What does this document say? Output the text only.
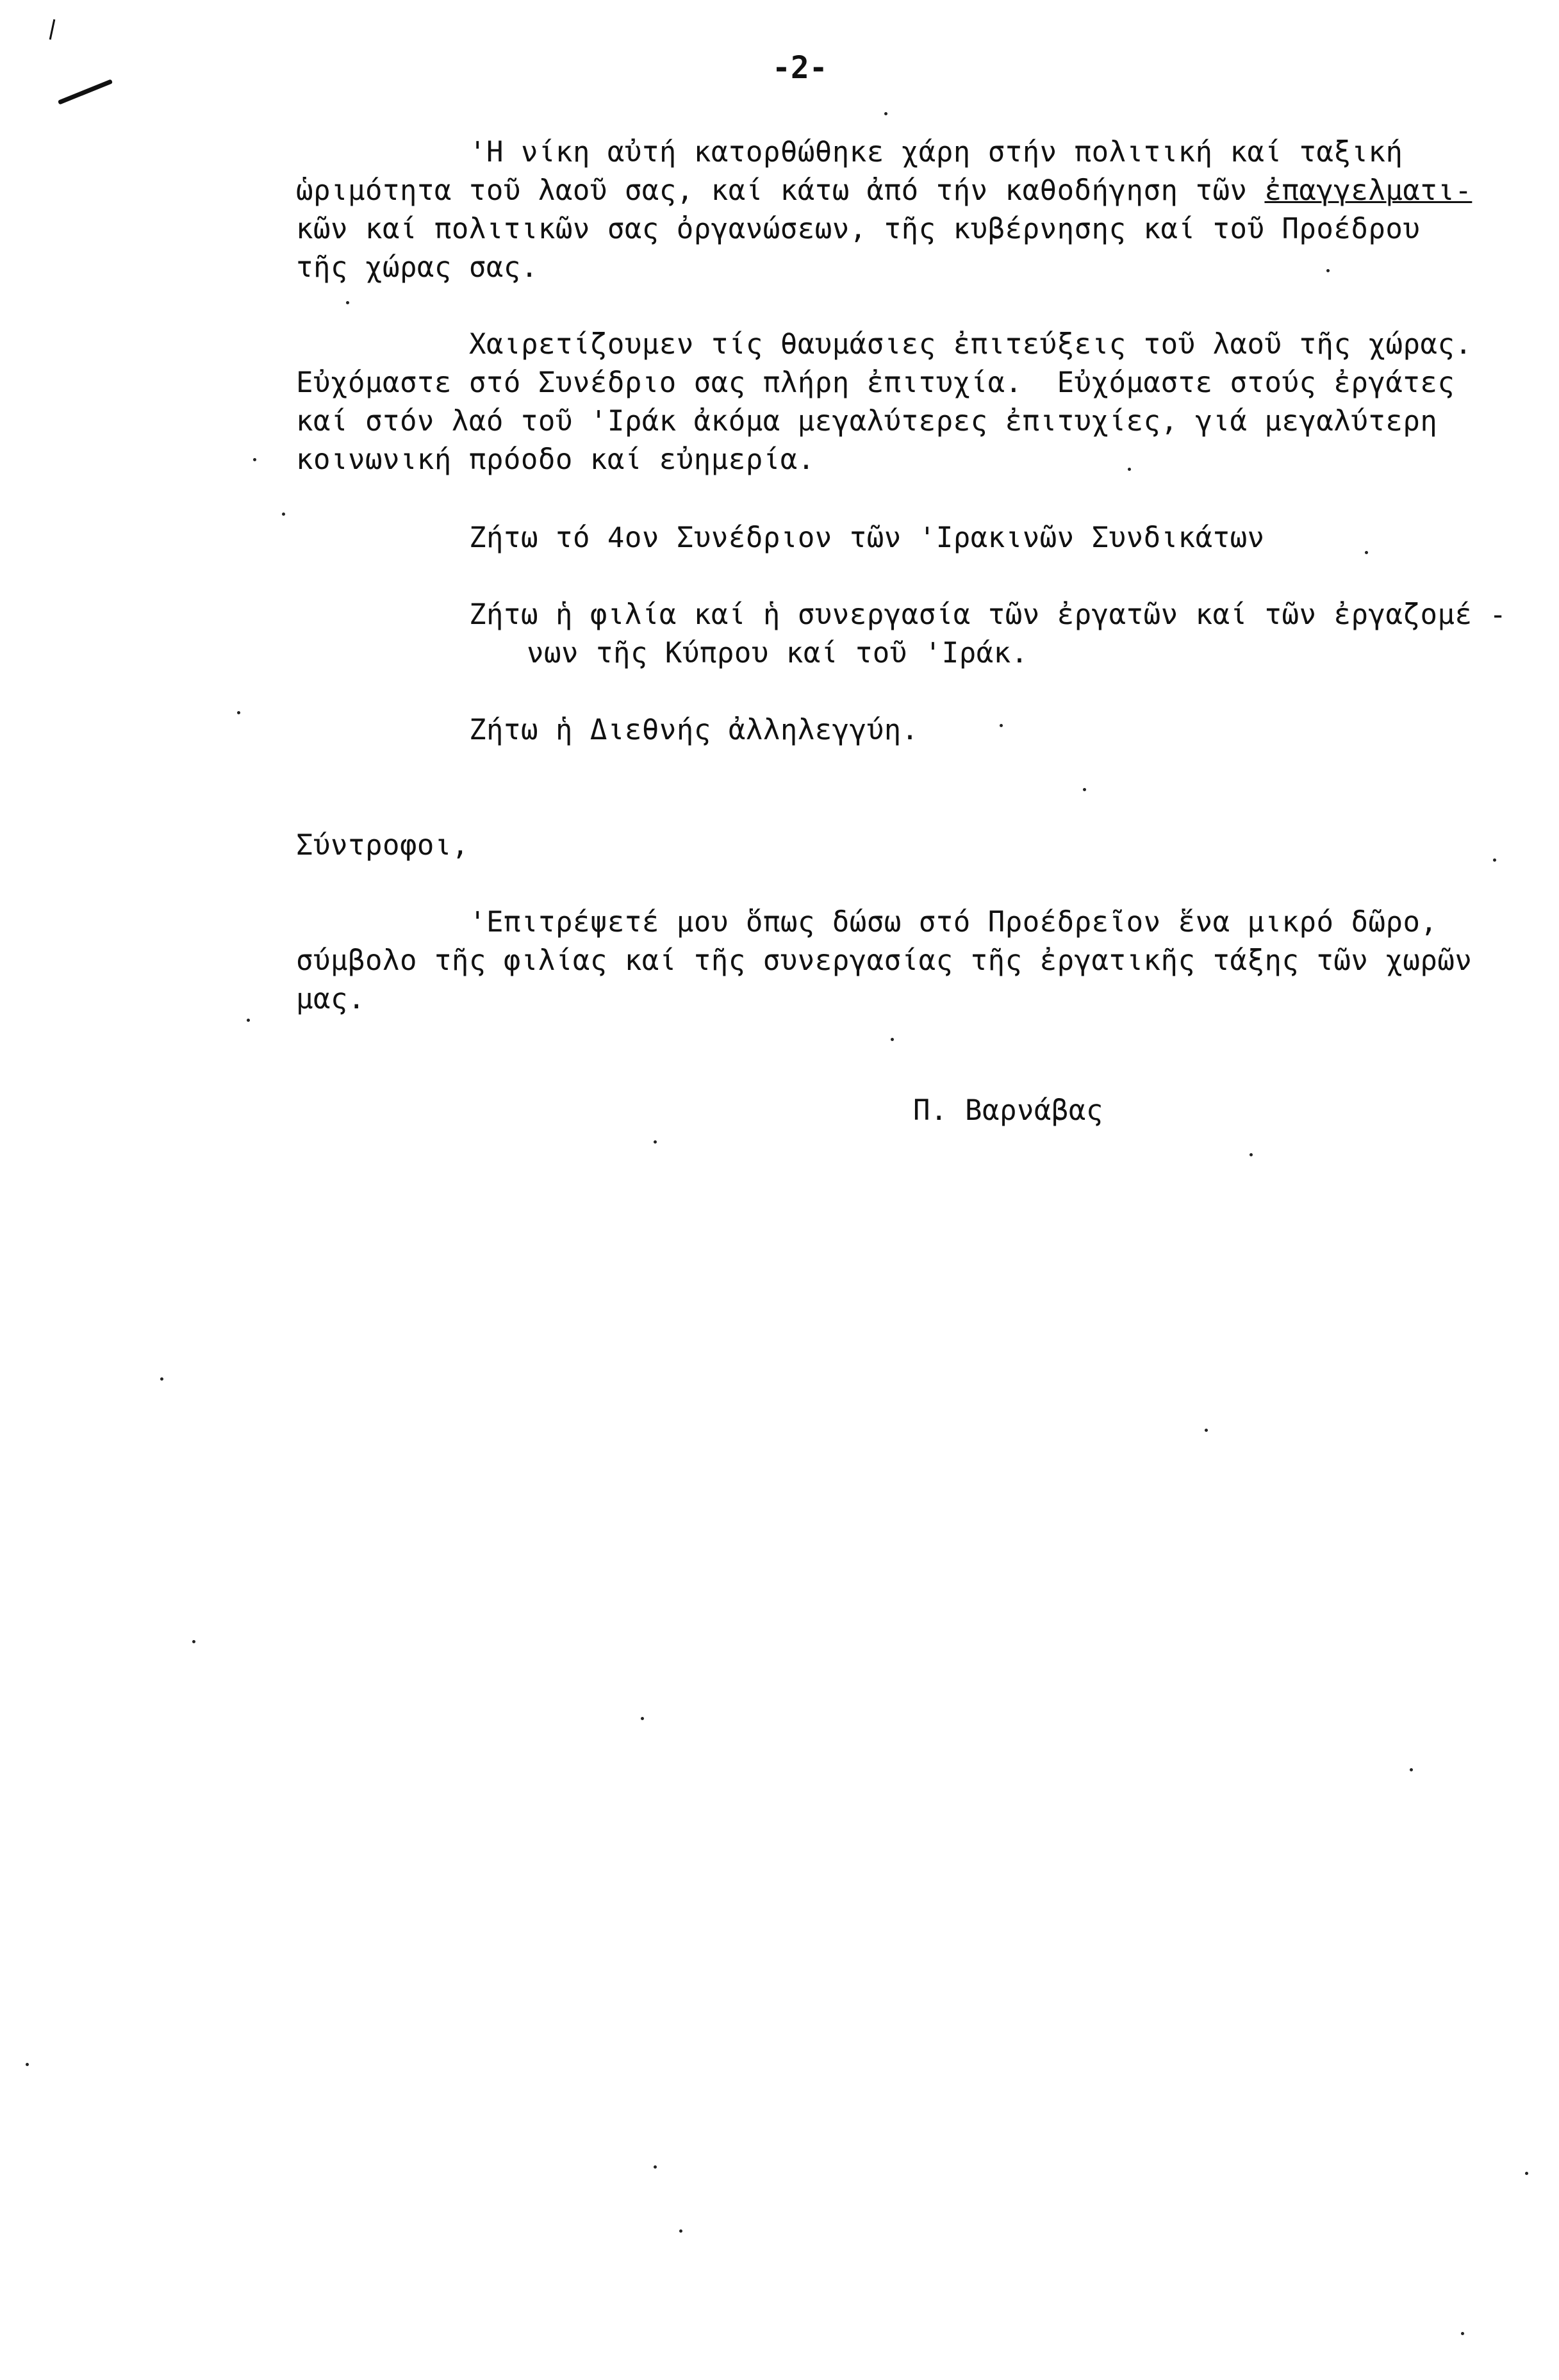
-2-
'Η νίκη αὐτή κατορθώθηκε χάρη στήν πολιτική καί ταξική
ὡριμότητα τοῦ λαοῦ σας, καί κάτω ἀπό τήν καθοδήγηση τῶν ἐπαγγελματι-
κῶν καί πολιτικῶν σας ὀργανώσεων, τῆς κυβέρνησης καί τοῦ Προέδρου
τῆς χώρας σας.
Χαιρετίζουμεν τίς θαυμάσιες ἐπιτεύξεις τοῦ λαοῦ τῆς χώρας.
Εὐχόμαστε στό Συνέδριο σας πλήρη ἐπιτυχία.  Εὐχόμαστε στούς ἐργάτες
καί στόν λαό τοῦ 'Ιράκ ἀκόμα μεγαλύτερες ἐπιτυχίες, γιά μεγαλύτερη
κοινωνική πρόοδο καί εὐημερία.
Ζήτω τό 4ον Συνέδριον τῶν 'Ιρακινῶν Συνδικάτων
Ζήτω ἡ φιλία καί ἡ συνεργασία τῶν ἐργατῶν καί τῶν ἐργαζομέ -
νων τῆς Κύπρου καί τοῦ 'Ιράκ.
Ζήτω ἡ Διεθνής ἀλληλεγγύη.
Σύντροφοι,
'Επιτρέψετέ μου ὅπως δώσω στό Προέδρεῖον ἕνα μικρό δῶρο,
σύμβολο τῆς φιλίας καί τῆς συνεργασίας τῆς ἐργατικῆς τάξης τῶν χωρῶν
μας.
Π. Βαρνάβας
